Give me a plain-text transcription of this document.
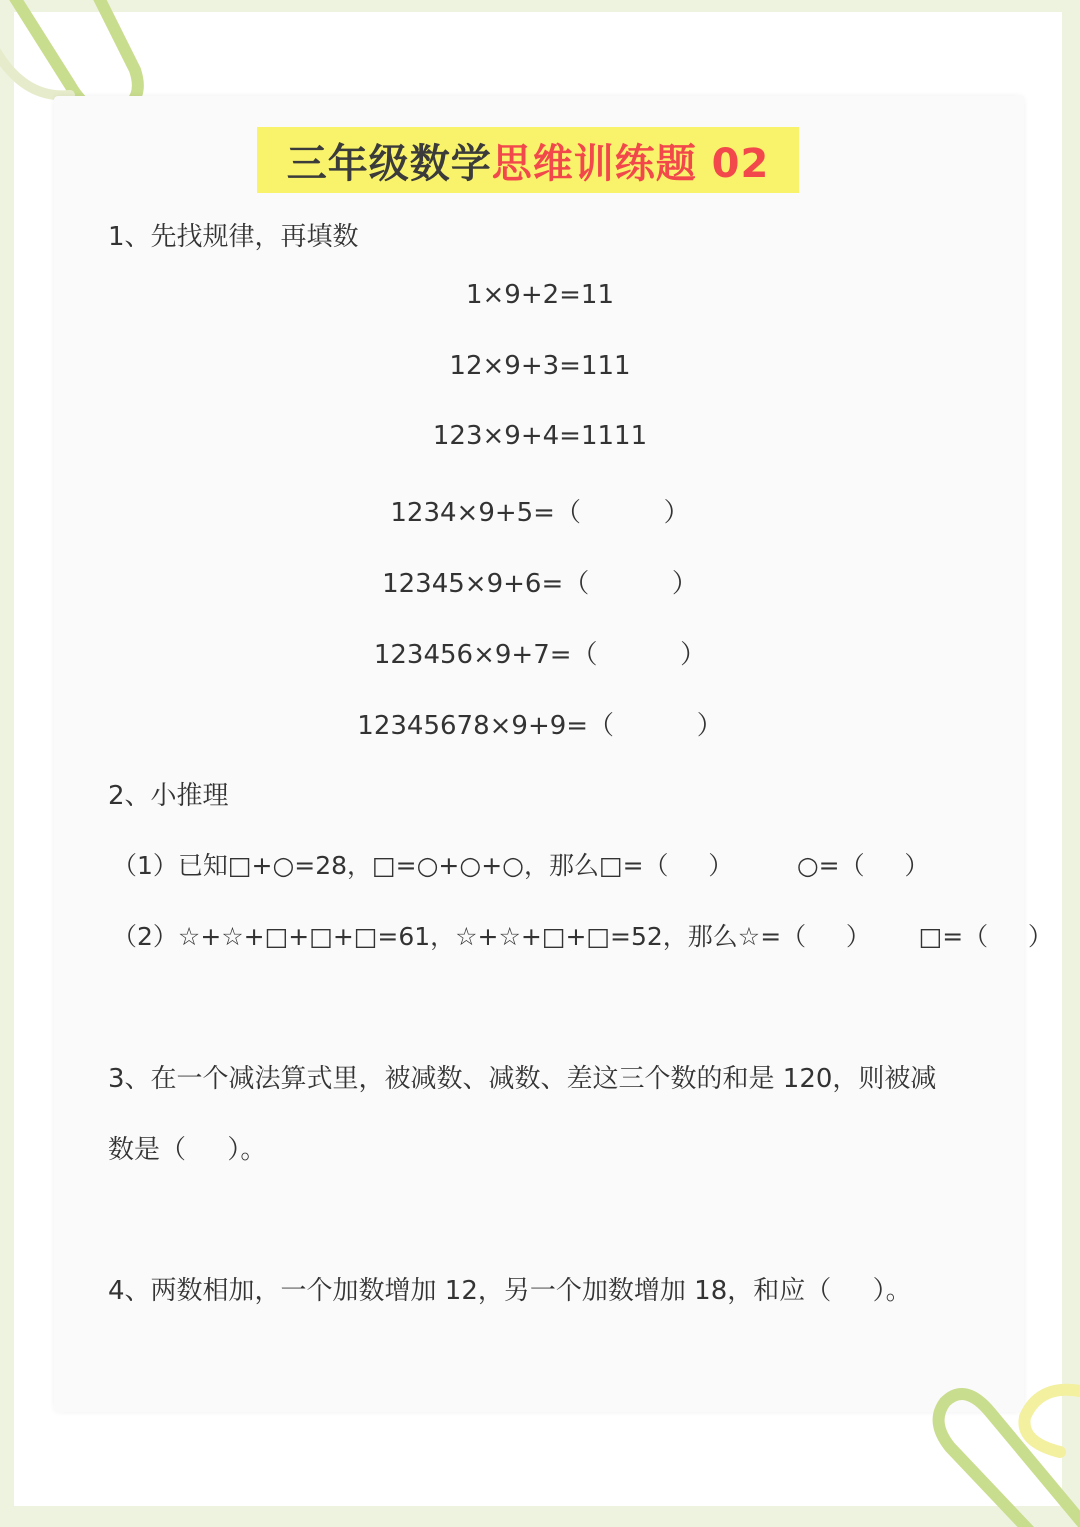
三年级数学 思维训练题 02
1、先找规律，再填数
1×9+2=11
12×9+3=111
123×9+4=1111
1234×9+5=（          ）
12345×9+6=（          ）
123456×9+7=（          ）
12345678×9+9=（          ）
2、小推理
（1）已知□+○=28，□=○+○+○，那么□=（     ）        ○=（     ）
（2）☆+☆+□+□+□=61，☆+☆+□+□=52，那么☆=（     ）      □=（     ）
3、在一个减法算式里，被减数、减数、差这三个数的和是 120，则被减
数是（     ）。
4、两数相加，一个加数增加 12，另一个加数增加 18，和应（     ）。
